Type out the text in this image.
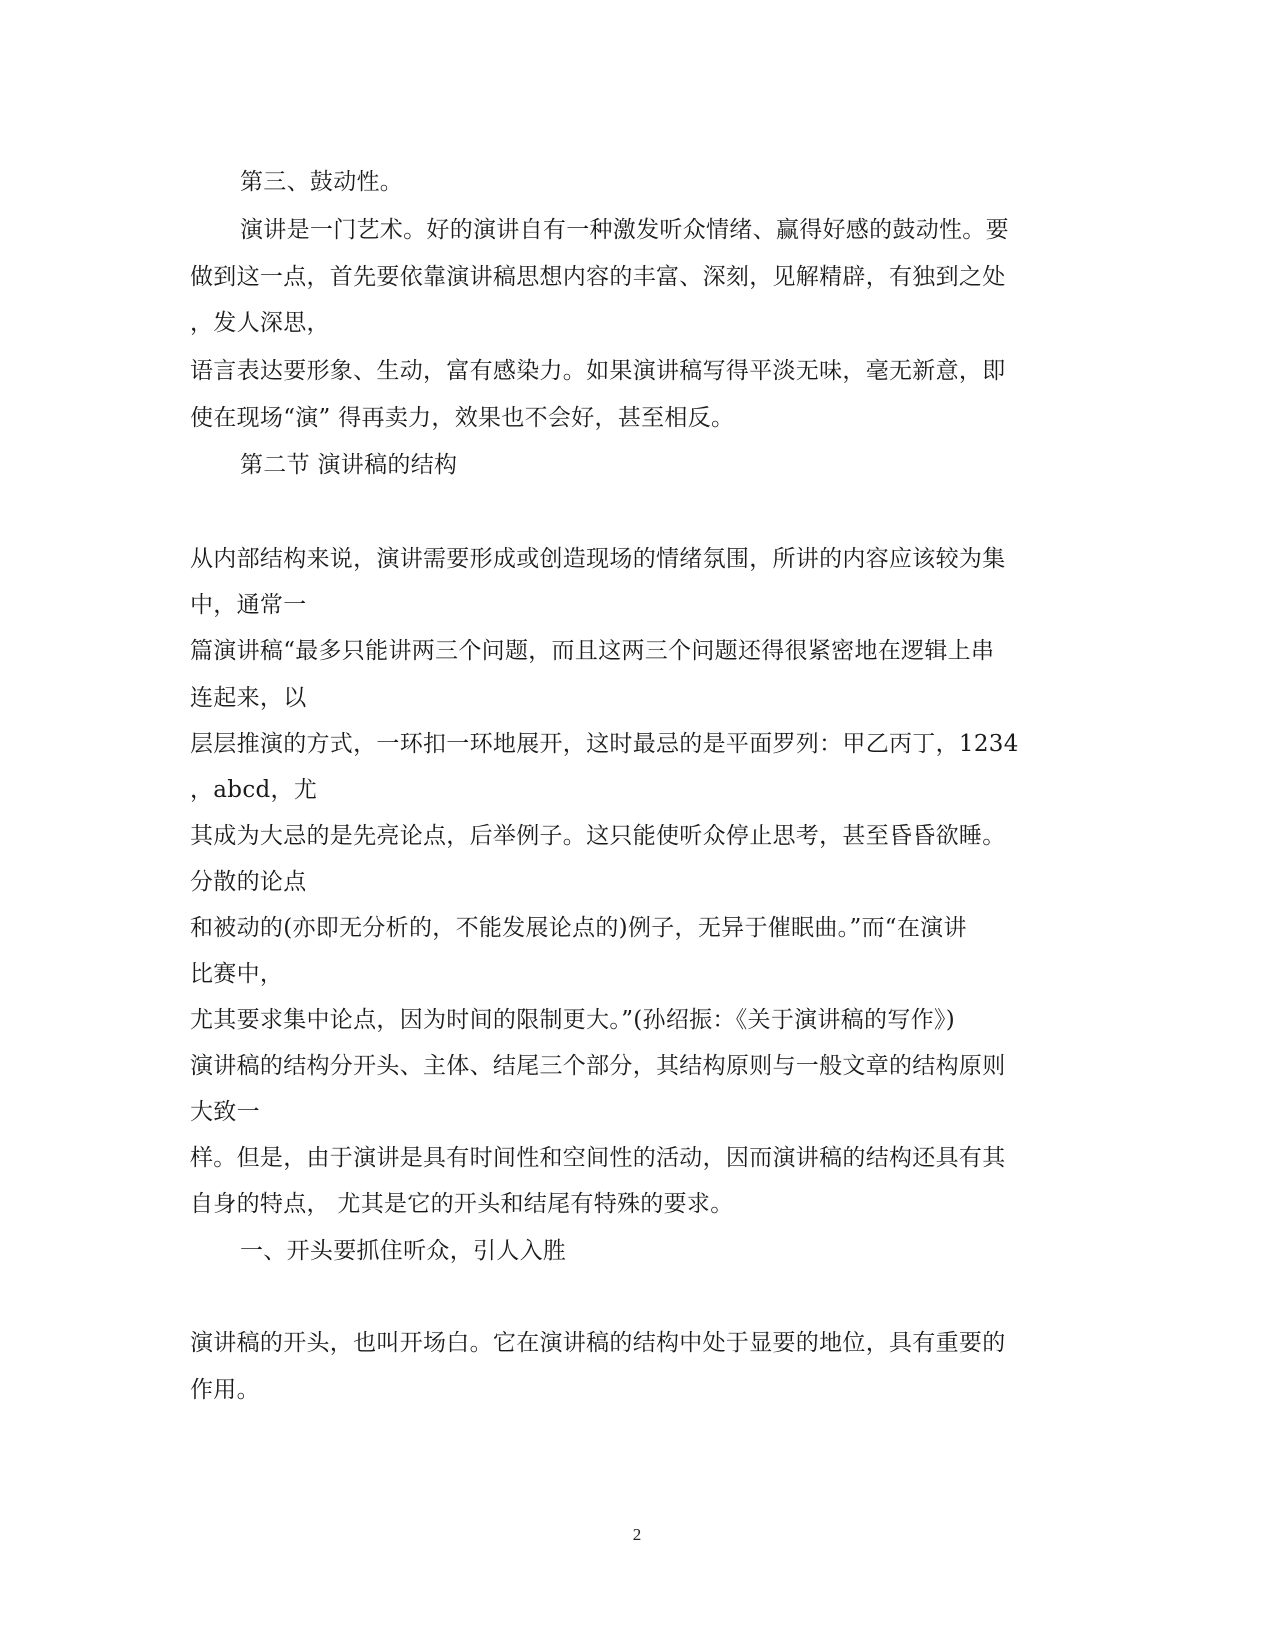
第三、鼓动性。
演讲是一门艺术。好的演讲自有一种激发听众情绪、赢得好感的鼓动性。要
做到这一点，首先要依靠演讲稿思想内容的丰富、深刻，见解精辟，有独到之处
，发人深思，
语言表达要形象、生动，富有感染力。如果演讲稿写得平淡无味，毫无新意，即
使在现场“演” 得再卖力，效果也不会好，甚至相反。
第二节 演讲稿的结构
从内部结构来说，演讲需要形成或创造现场的情绪氛围，所讲的内容应该较为集
中，通常一
篇演讲稿“最多只能讲两三个问题，而且这两三个问题还得很紧密地在逻辑上串
连起来，以
层层推演的方式，一环扣一环地展开，这时最忌的是平面罗列：甲乙丙丁，1234
，abcd，尤
其成为大忌的是先亮论点，后举例子。这只能使听众停止思考，甚至昏昏欲睡。
分散的论点
和被动的(亦即无分析的，不能发展论点的)例子，无异于催眠曲。”而“在演讲
比赛中，
尤其要求集中论点，因为时间的限制更大。”(孙绍振：《关于演讲稿的写作》)
演讲稿的结构分开头、主体、结尾三个部分，其结构原则与一般文章的结构原则
大致一
样。但是，由于演讲是具有时间性和空间性的活动，因而演讲稿的结构还具有其
自身的特点， 尤其是它的开头和结尾有特殊的要求。
一、开头要抓住听众，引人入胜
演讲稿的开头，也叫开场白。它在演讲稿的结构中处于显要的地位，具有重要的
作用。
2
